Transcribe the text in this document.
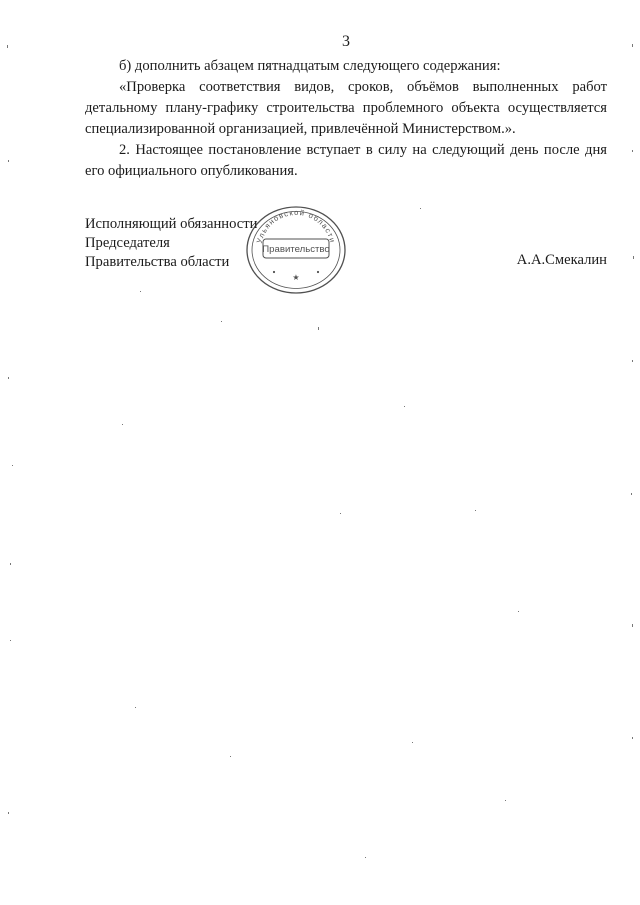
3

б) дополнить абзацем пятнадцатым следующего содержания:

«Проверка соответствия видов, сроков, объёмов выполненных работ детальному плану-графику строительства проблемного объекта осуществляется специализированной организацией, привлечённой Министерством.».

2. Настоящее постановление вступает в силу на следующий день после дня его официального опубликования.

Исполняющий обязанности
Председателя
Правительства области	А.А.Смекалин
Правительство
Ульяновской области
★
